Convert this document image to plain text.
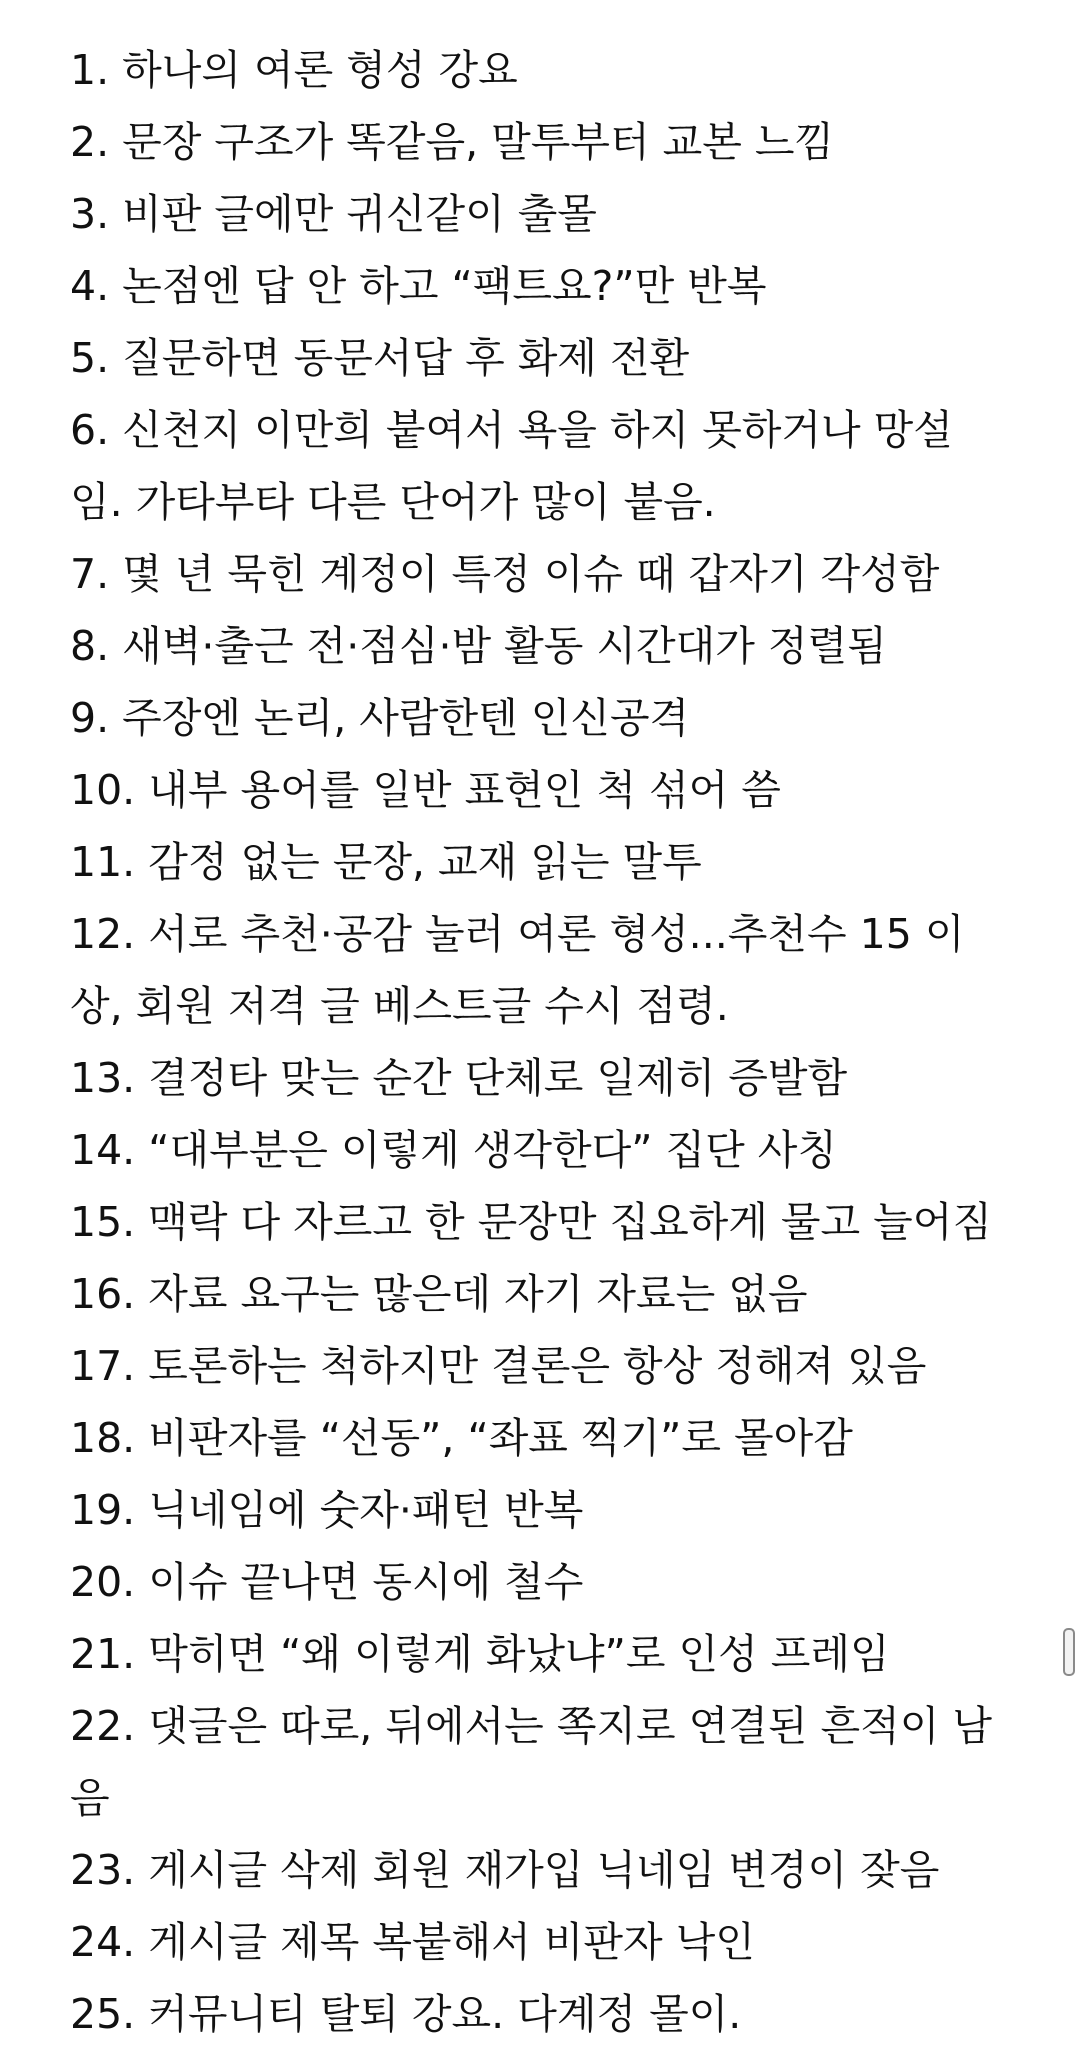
1. 하나의 여론 형성 강요
2. 문장 구조가 똑같음, 말투부터 교본 느낌
3. 비판 글에만 귀신같이 출몰
4. 논점엔 답 안 하고 “팩트요?”만 반복
5. 질문하면 동문서답 후 화제 전환
6. 신천지 이만희 붙여서 욕을 하지 못하거나 망설
임. 가타부타 다른 단어가 많이 붙음.
7. 몇 년 묵힌 계정이 특정 이슈 때 갑자기 각성함
8. 새벽·출근 전·점심·밤 활동 시간대가 정렬됨
9. 주장엔 논리, 사람한텐 인신공격
10. 내부 용어를 일반 표현인 척 섞어 씀
11. 감정 없는 문장, 교재 읽는 말투
12. 서로 추천·공감 눌러 여론 형성...추천수 15 이
상, 회원 저격 글 베스트글 수시 점령.
13. 결정타 맞는 순간 단체로 일제히 증발함
14. “대부분은 이렇게 생각한다” 집단 사칭
15. 맥락 다 자르고 한 문장만 집요하게 물고 늘어짐
16. 자료 요구는 많은데 자기 자료는 없음
17. 토론하는 척하지만 결론은 항상 정해져 있음
18. 비판자를 “선동”, “좌표 찍기”로 몰아감
19. 닉네임에 숫자·패턴 반복
20. 이슈 끝나면 동시에 철수
21. 막히면 “왜 이렇게 화났냐”로 인성 프레임
22. 댓글은 따로, 뒤에서는 쪽지로 연결된 흔적이 남
음
23. 게시글 삭제 회원 재가입 닉네임 변경이 잦음
24. 게시글 제목 복붙해서 비판자 낙인
25. 커뮤니티 탈퇴 강요. 다계정 몰이.
